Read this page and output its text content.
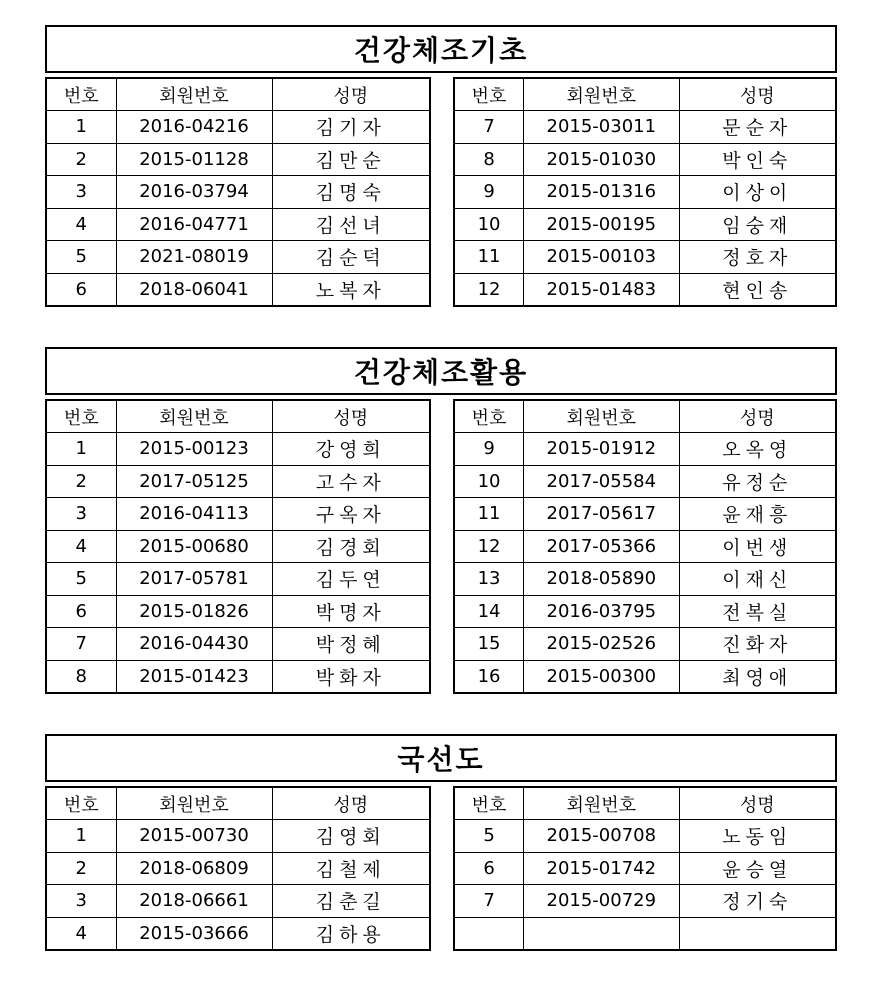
건강체조기초
번호	회원번호	성명
1	2016-04216	김기자
2	2015-01128	김만순
3	2016-03794	김명숙
4	2016-04771	김선녀
5	2021-08019	김순덕
6	2018-06041	노복자
번호	회원번호	성명
7	2015-03011	문순자
8	2015-01030	박인숙
9	2015-01316	이상이
10	2015-00195	임숭재
11	2015-00103	정호자
12	2015-01483	현인송
건강체조활용
번호	회원번호	성명
1	2015-00123	강영희
2	2017-05125	고수자
3	2016-04113	구옥자
4	2015-00680	김경회
5	2017-05781	김두연
6	2015-01826	박명자
7	2016-04430	박정혜
8	2015-01423	박화자
번호	회원번호	성명
9	2015-01912	오옥영
10	2017-05584	유정순
11	2017-05617	윤재흥
12	2017-05366	이번생
13	2018-05890	이재신
14	2016-03795	전복실
15	2015-02526	진화자
16	2015-00300	최영애
국선도
번호	회원번호	성명
1	2015-00730	김영회
2	2018-06809	김철제
3	2018-06661	김춘길
4	2015-03666	김하용
번호	회원번호	성명
5	2015-00708	노동임
6	2015-01742	윤승열
7	2015-00729	정기숙
